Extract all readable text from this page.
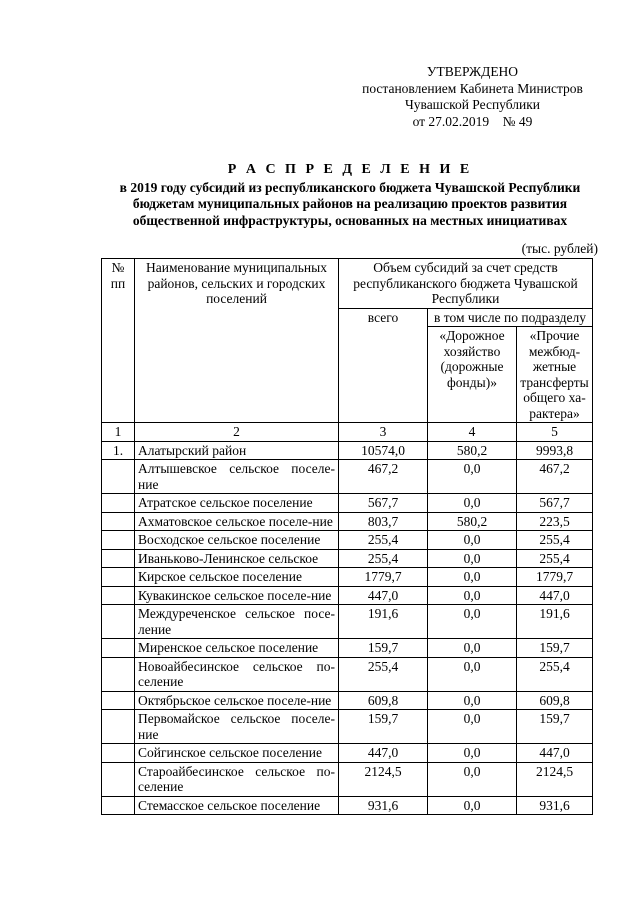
УТВЕРЖДЕНО
постановлением Кабинета Министров
Чувашской Республики
от 27.02.2019    № 49
Р А С П Р Е Д Е Л Е Н И Е
в 2019 году субсидий из республиканского бюджета Чувашской Республики
бюджетам муниципальных районов на реализацию проектов развития
общественной инфраструктуры, основанных на местных инициативах
(тыс. рублей)
№ пп	Наименование муниципальных районов, сельских и городских поселений	Объем субсидий за счет средств республиканского бюджета Чувашской Республики		
		всего	в том числе по подразделу	
			«Дорожное хозяйство (дорожные фонды)»	«Прочие межбюд-жетные трансферты общего ха-рактера»
1	2	3	4	5
1.	Алатырский район	10574,0	580,2	9993,8
	Алтышевское сельское поселе-ние	467,2	0,0	467,2
	Атратское сельское поселение	567,7	0,0	567,7
	Ахматовское сельское поселе-ние	803,7	580,2	223,5
	Восходское сельское поселение	255,4	0,0	255,4
	Иваньково-Ленинское сельское	255,4	0,0	255,4
	Кирское сельское поселение	1779,7	0,0	1779,7
	Кувакинское сельское поселе-ние	447,0	0,0	447,0
	Междуреченское сельское посе-ление	191,6	0,0	191,6
	Миренское сельское поселение	159,7	0,0	159,7
	Новоайбесинское сельское по-селение	255,4	0,0	255,4
	Октябрьское сельское поселе-ние	609,8	0,0	609,8
	Первомайское сельское поселе-ние	159,7	0,0	159,7
	Сойгинское сельское поселение	447,0	0,0	447,0
	Староайбесинское сельское по-селение	2124,5	0,0	2124,5
	Стемасское сельское поселение	931,6	0,0	931,6
